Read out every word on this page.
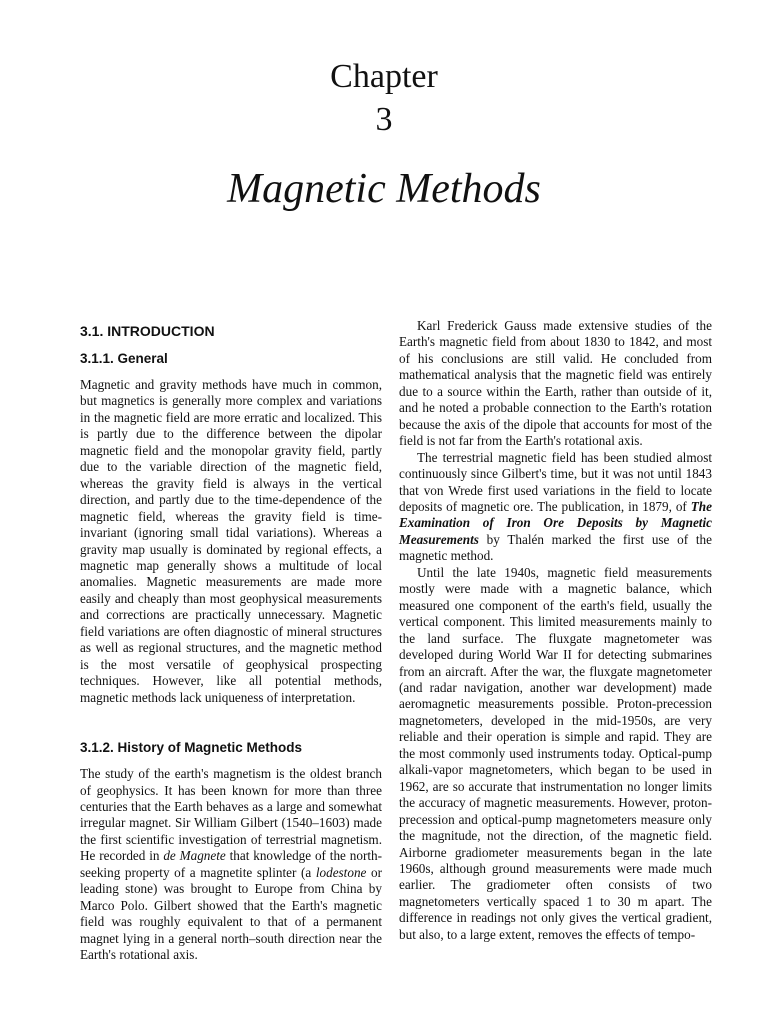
Chapter
3
Magnetic Methods
3.1. INTRODUCTION
3.1.1. General

Magnetic and gravity methods have much in common, but magnetics is generally more complex and variations in the magnetic field are more erratic and localized. This is partly due to the difference between the dipolar magnetic field and the monopolar gravity field, partly due to the variable direction of the magnetic field, whereas the gravity field is always in the vertical direction, and partly due to the time-dependence of the magnetic field, whereas the gravity field is time-invariant (ignoring small tidal variations). Whereas a gravity map usually is dominated by regional effects, a magnetic map generally shows a multitude of local anomalies. Magnetic measurements are made more easily and cheaply than most geophysical measurements and corrections are practically unnecessary. Magnetic field variations are often diagnostic of mineral structures as well as regional structures, and the magnetic method is the most versatile of geophysical prospecting techniques. However, like all potential methods, magnetic methods lack uniqueness of interpretation.

3.1.2. History of Magnetic Methods

The study of the earth's magnetism is the oldest branch of geophysics. It has been known for more than three centuries that the Earth behaves as a large and somewhat irregular magnet. Sir William Gilbert (1540–1603) made the first scientific investigation of terrestrial magnetism. He recorded in de Magnete that knowledge of the north-seeking property of a magnetite splinter (a lodestone or leading stone) was brought to Europe from China by Marco Polo. Gilbert showed that the Earth's magnetic field was roughly equivalent to that of a permanent magnet lying in a general north–south direction near the Earth's rotational axis.

Karl Frederick Gauss made extensive studies of the Earth's magnetic field from about 1830 to 1842, and most of his conclusions are still valid. He concluded from mathematical analysis that the magnetic field was entirely due to a source within the Earth, rather than outside of it, and he noted a probable connection to the Earth's rotation because the axis of the dipole that accounts for most of the field is not far from the Earth's rotational axis.

The terrestrial magnetic field has been studied almost continuously since Gilbert's time, but it was not until 1843 that von Wrede first used variations in the field to locate deposits of magnetic ore. The publication, in 1879, of The Examination of Iron Ore Deposits by Magnetic Measurements by Thalén marked the first use of the magnetic method.

Until the late 1940s, magnetic field measurements mostly were made with a magnetic balance, which measured one component of the earth's field, usually the vertical component. This limited measurements mainly to the land surface. The fluxgate magnetometer was developed during World War II for detecting submarines from an aircraft. After the war, the fluxgate magnetometer (and radar navigation, another war development) made aeromagnetic measurements possible. Proton-precession magnetometers, developed in the mid-1950s, are very reliable and their operation is simple and rapid. They are the most commonly used instruments today. Optical-pump alkali-vapor magnetometers, which began to be used in 1962, are so accurate that instrumentation no longer limits the accuracy of magnetic measurements. However, proton-precession and optical-pump magnetometers measure only the magnitude, not the direction, of the magnetic field. Airborne gradiometer measurements began in the late 1960s, although ground measurements were made much earlier. The gradiometer often consists of two magnetometers vertically spaced 1 to 30 m apart. The difference in readings not only gives the vertical gradient, but also, to a large extent, removes the effects of tempo-
